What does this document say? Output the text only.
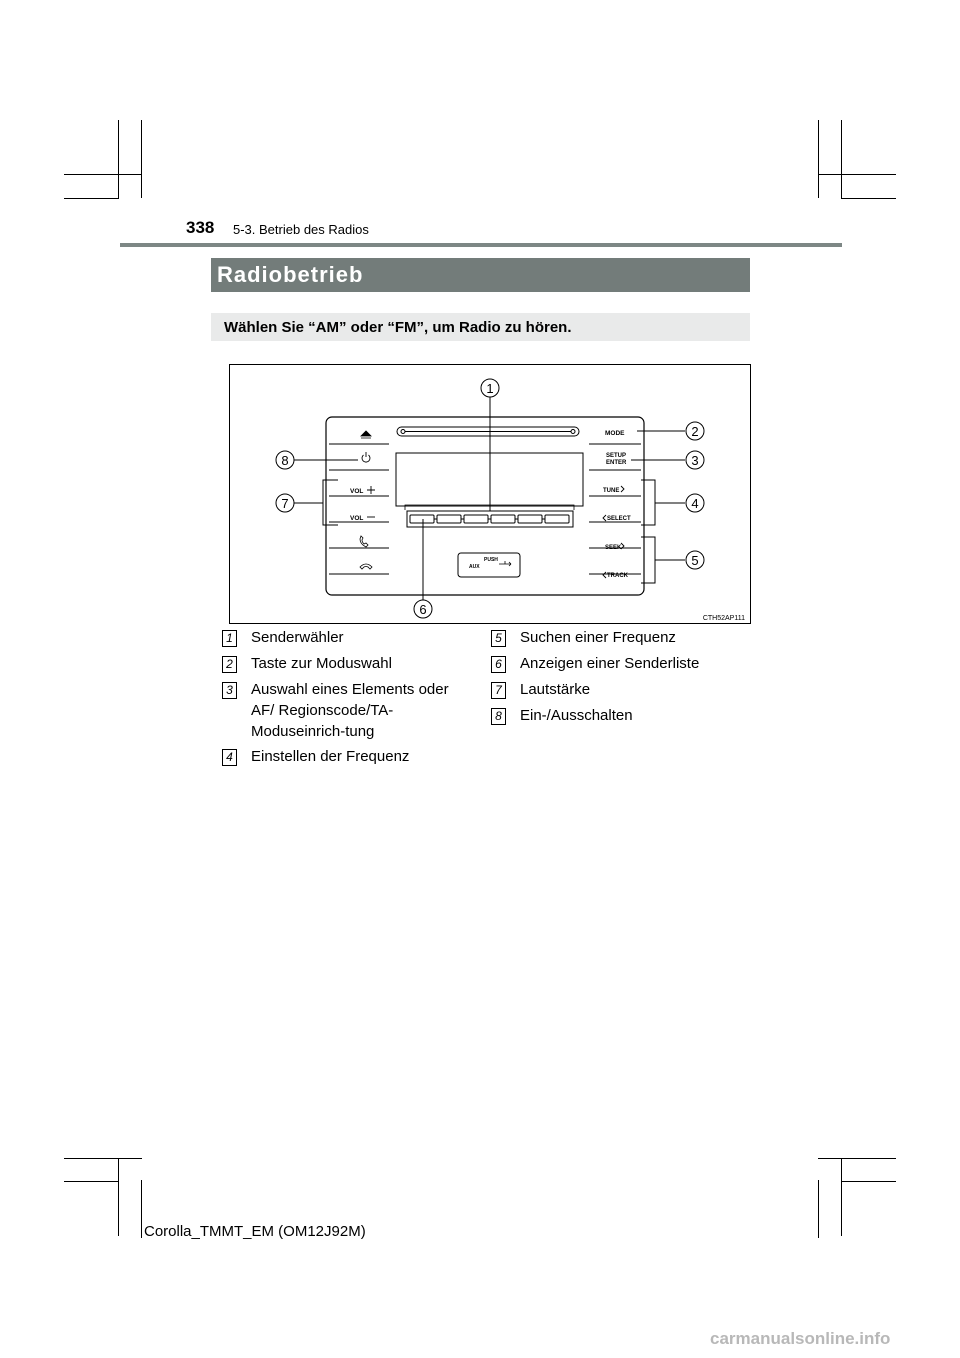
338 5-3. Betrieb des Radios
Radiobetrieb
Wählen Sie “AM” oder “FM”, um Radio zu hören.
PUSH
AUX
VOL
VOL
MODE
SETUP
ENTER
TUNE
SELECT
SEEK
TRACK
1
2
3
4
5
6
7
8
CTH52AP111
1 Senderwähler
2 Taste zur Moduswahl
3 Auswahl eines Elements oder AF/ Regionscode/TA-Moduseinrich-tung
4 Einstellen der Frequenz
5 Suchen einer Frequenz
6 Anzeigen einer Senderliste
7 Lautstärke
8 Ein-/Ausschalten
Corolla_TMMT_EM (OM12J92M)
carmanualsonline.info
